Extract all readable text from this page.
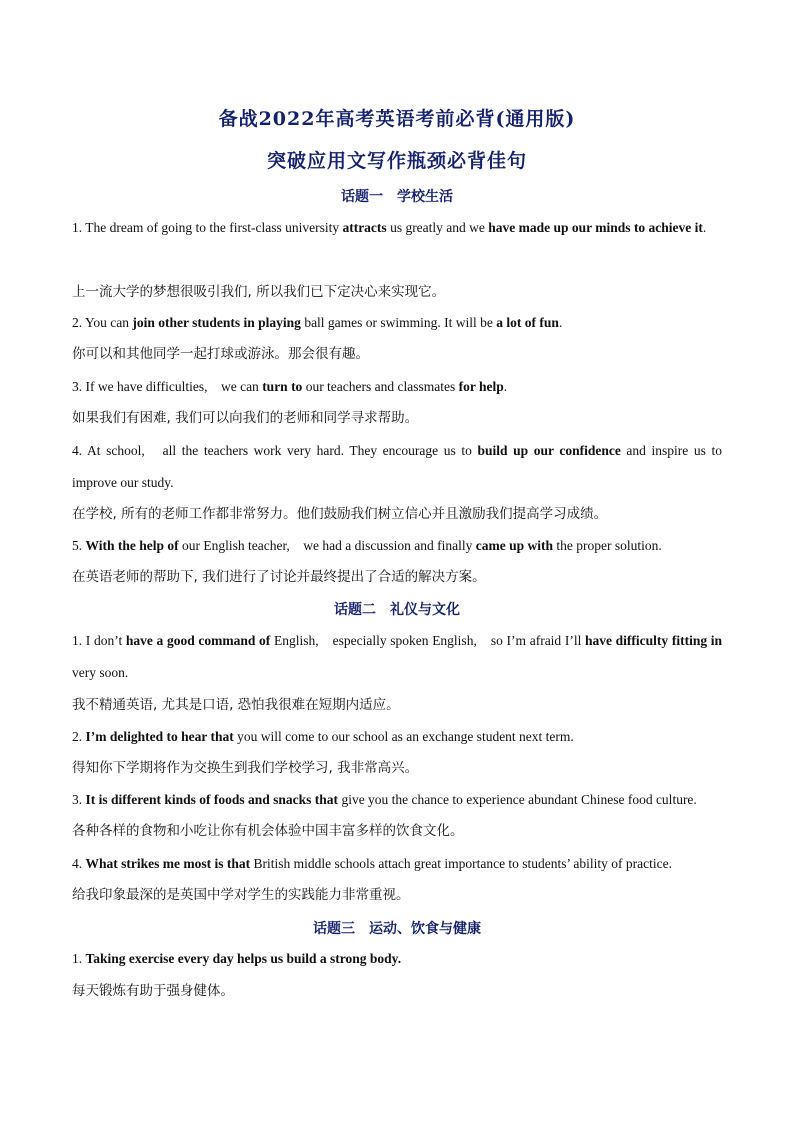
备战2022年高考英语考前必背(通用版)
突破应用文写作瓶颈必背佳句
话题一　学校生活
1. The dream of going to the first-class university attracts us greatly and we have made up our minds to achieve it.
上一流大学的梦想很吸引我们, 所以我们已下定决心来实现它。
2. You can join other students in playing ball games or swimming. It will be a lot of fun.
你可以和其他同学一起打球或游泳。那会很有趣。
3. If we have difficulties,　we can turn to our teachers and classmates for help.
如果我们有困难, 我们可以向我们的老师和同学寻求帮助。
4. At school,　all the teachers work very hard. They encourage us to build up our confidence and inspire us to improve our study.
在学校, 所有的老师工作都非常努力。他们鼓励我们树立信心并且激励我们提高学习成绩。
5. With the help of our English teacher,　we had a discussion and finally came up with the proper solution.
在英语老师的帮助下, 我们进行了讨论并最终提出了合适的解决方案。
话题二　礼仪与文化
1. I don’t have a good command of English,　especially spoken English,　so I’m afraid I’ll have difficulty fitting in very soon.
我不精通英语, 尤其是口语, 恐怕我很难在短期内适应。
2. I’m delighted to hear that you will come to our school as an exchange student next term.
得知你下学期将作为交换生到我们学校学习, 我非常高兴。
3. It is different kinds of foods and snacks that give you the chance to experience abundant Chinese food culture.
各种各样的食物和小吃让你有机会体验中国丰富多样的饮食文化。
4. What strikes me most is that British middle schools attach great importance to students’ ability of practice.
给我印象最深的是英国中学对学生的实践能力非常重视。
话题三　运动、饮食与健康
1. Taking exercise every day helps us build a strong body.
每天锻炼有助于强身健体。
